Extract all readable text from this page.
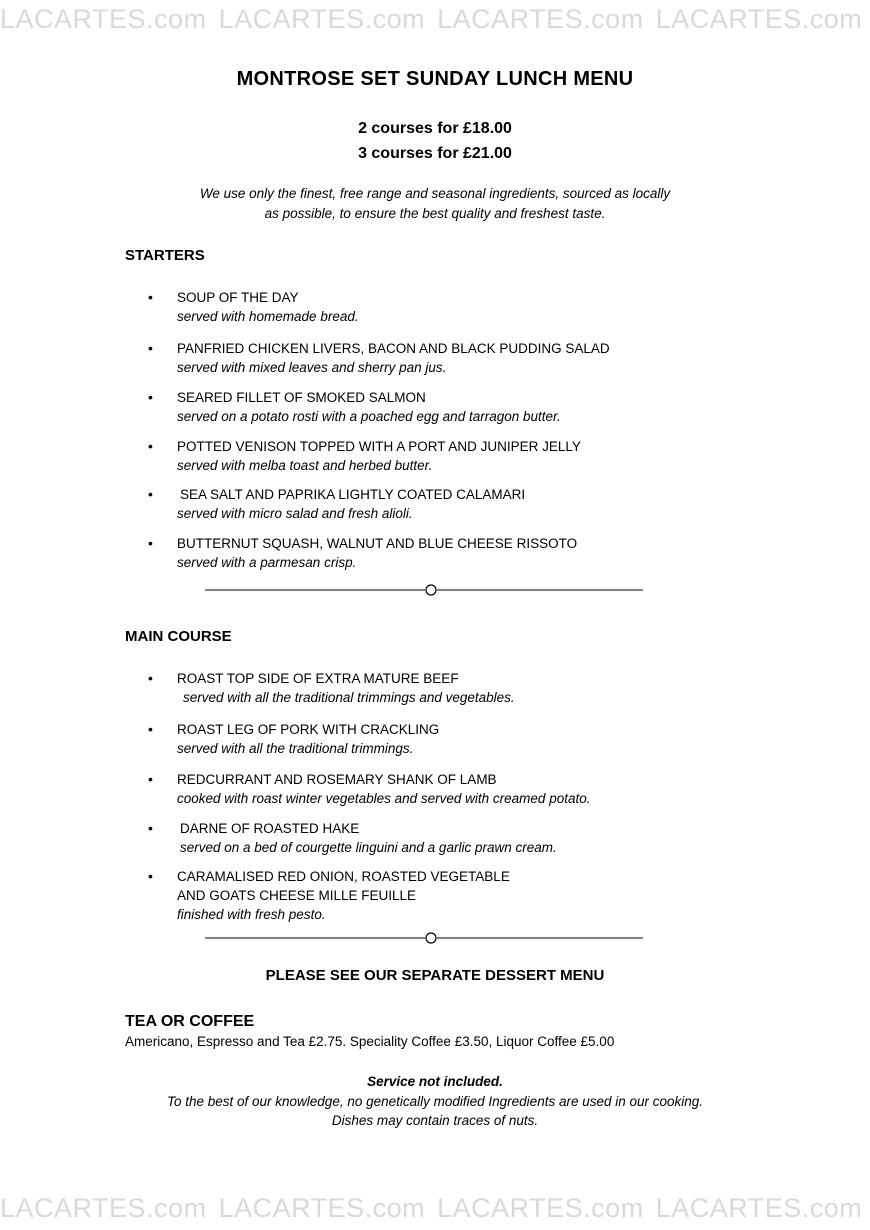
LACARTES.com LACARTES.com LACARTES.com LACARTES.com
LACARTES.com LACARTES.com LACARTES.com LACARTES.com
MONTROSE SET SUNDAY LUNCH MENU
2 courses for £18.00
3 courses for £21.00
We use only the finest, free range and seasonal ingredients, sourced as locally
as possible, to ensure the best quality and freshest taste.
STARTERS
• SOUP OF THE DAY
served with homemade bread.
• PANFRIED CHICKEN LIVERS, BACON AND BLACK PUDDING SALAD
served with mixed leaves and sherry pan jus.
• SEARED FILLET OF SMOKED SALMON
served on a potato rosti with a poached egg and tarragon butter.
• POTTED VENISON TOPPED WITH A PORT AND JUNIPER JELLY
served with melba toast and herbed butter.
• SEA SALT AND PAPRIKA LIGHTLY COATED CALAMARI
served with micro salad and fresh alioli.
• BUTTERNUT SQUASH, WALNUT AND BLUE CHEESE RISSOTO
served with a parmesan crisp.
MAIN COURSE
• ROAST TOP SIDE OF EXTRA MATURE BEEF
served with all the traditional trimmings and vegetables.
• ROAST LEG OF PORK WITH CRACKLING
served with all the traditional trimmings.
• REDCURRANT AND ROSEMARY SHANK OF LAMB
cooked with roast winter vegetables and served with creamed potato.
• DARNE OF ROASTED HAKE
served on a bed of courgette linguini and a garlic prawn cream.
• CARAMALISED RED ONION, ROASTED VEGETABLE
AND GOATS CHEESE MILLE FEUILLE
finished with fresh pesto.
PLEASE SEE OUR SEPARATE DESSERT MENU
TEA OR COFFEE
Americano, Espresso and Tea £2.75. Speciality Coffee £3.50, Liquor Coffee £5.00
Service not included.
To the best of our knowledge, no genetically modified Ingredients are used in our cooking.
Dishes may contain traces of nuts.
